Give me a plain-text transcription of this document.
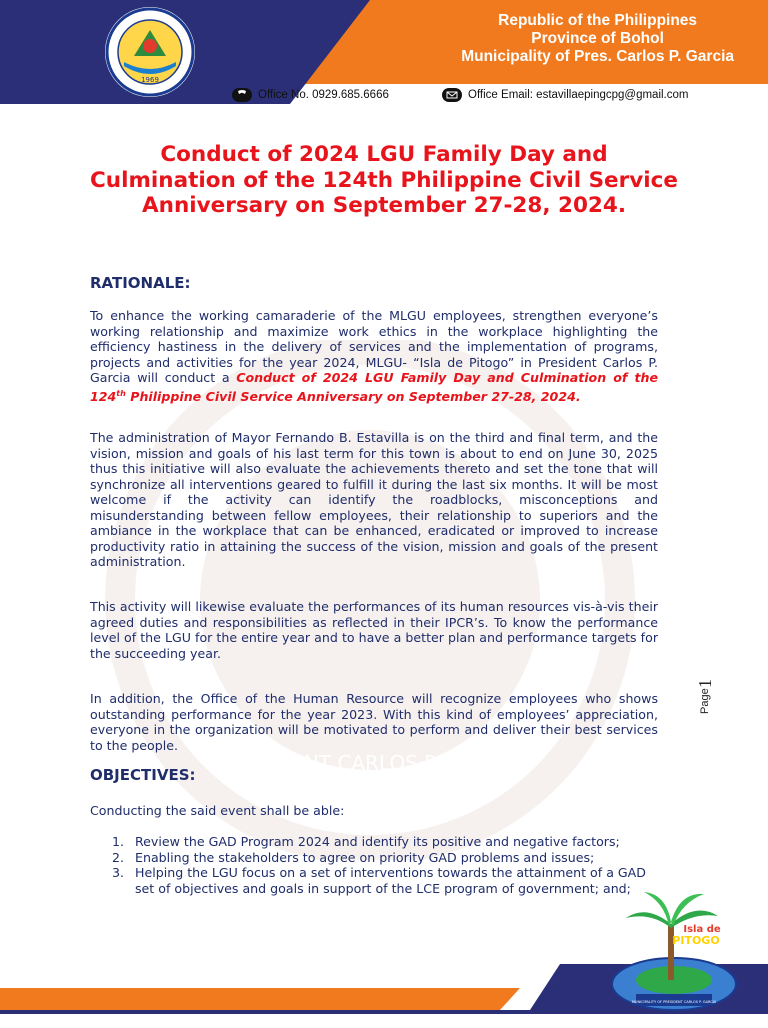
1969
Republic of the Philippines
Province of Bohol
Municipality of Pres. Carlos P. Garcia
Office No. 0929.685.6666	Office Email: estavillaepingcpg@gmail.com
PRESIDENT CARLOS P. GARCIA
Conduct of 2024 LGU Family Day and Culmination of the 124th Philippine Civil Service Anniversary on September 27-28, 2024.
RATIONALE:
To enhance the working camaraderie of the MLGU employees, strengthen everyone’s working relationship and maximize work ethics in the workplace highlighting the efficiency hastiness in the delivery of services and the implementation of programs, projects and activities for the year 2024, MLGU- “Isla de Pitogo” in President Carlos P. Garcia will conduct a Conduct of 2024 LGU Family Day and Culmination of the 124th Philippine Civil Service Anniversary on September 27-28, 2024.
The administration of Mayor Fernando B. Estavilla is on the third and final term, and the vision, mission and goals of his last term for this town is about to end on June 30, 2025 thus this initiative will also evaluate the achievements thereto and set the tone that will synchronize all interventions geared to fulfill it during the last six months. It will be most welcome if the activity can identify the roadblocks, misconceptions and misunderstanding between fellow employees, their relationship to superiors and the ambiance in the workplace that can be enhanced, eradicated or improved to increase productivity ratio in attaining the success of the vision, mission and goals of the present administration.
This activity will likewise evaluate the performances of its human resources vis-à-vis their agreed duties and responsibilities as reflected in their IPCR’s. To know the performance level of the LGU for the entire year and to have a better plan and performance targets for the succeeding year.
In addition, the Office of the Human Resource will recognize employees who shows outstanding performance for the year 2023. With this kind of employees’ appreciation, everyone in the organization will be motivated to perform and deliver their best services to the people.
OBJECTIVES:
Conducting the said event shall be able:
1. Review the GAD Program 2024 and identify its positive and negative factors;
2. Enabling the stakeholders to agree on priority GAD problems and issues;
3. Helping the LGU focus on a set of interventions towards the attainment of a GAD set of objectives and goals in support of the LCE program of government; and;
Page
1
Isla de
PITOGO
MUNICIPALITY OF PRESIDENT CARLOS P. GARCIA
